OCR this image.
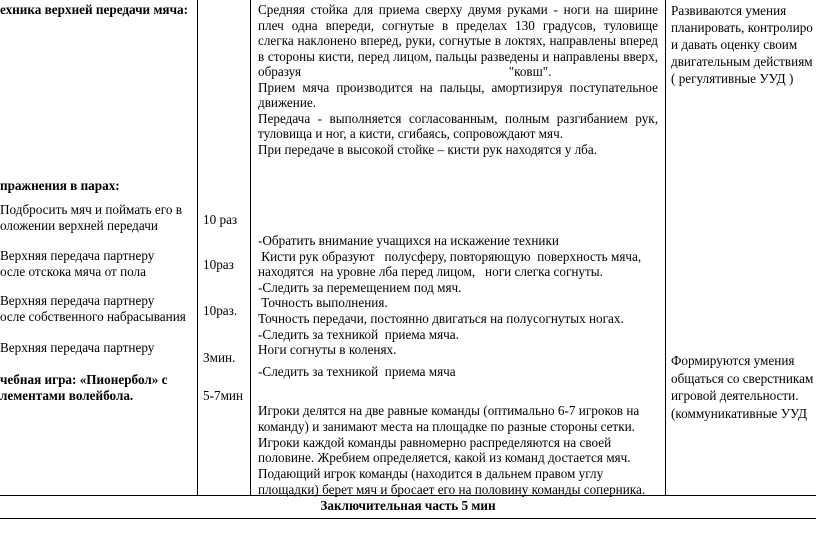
ехника верхней передачи мяча:
пражнения в парах:
Подбросить мяч и поймать его в
оложении верхней передачи
Верхняя передача партнеру
осле отскока мяча от пола
Верхняя передача партнеру
осле собственного набрасывания
Верхняя передача партнеру
чебная игра: «Пионербол» с
лементами волейбола.
10 раз
10раз
10раз.
3мин.
5-7мин
Средняя стойка для приема сверху двумя руками - ноги на ширине
плеч одна впереди, согнутые в пределах 130 градусов, туловище
слегка наклонено вперед, руки, согнутые в локтях, направлены вперед
в стороны кисти, перед лицом, пальцы разведены и направлены вверх,
образуя                                                               "ковш".
Прием мяча производится на пальцы, амортизируя поступательное
движение.
Передача - выполняется согласованным, полным разгибанием рук,
туловища и ног, а кисти, сгибаясь, сопровождают мяч.
При передаче в высокой стойке – кисти рук находятся у лба.
-Обратить внимание учащихся на искажение техники
Кисти рук образуют   полусферу, повторяющую  поверхность мяча,
находятся  на уровне лба перед лицом,   ноги слегка согнуты.
-Следить за перемещением под мяч.
Точность выполнения.
Точность передачи, постоянно двигаться на полусогнутых ногах.
-Следить за техникой  приема мяча.
Ноги согнуты в коленях.
-Следить за техникой  приема мяча
Игроки делятся на две равные команды (оптимально 6-7 игроков на
команду) и занимают места на площадке по разные стороны сетки.
Игроки каждой команды равномерно распределяются на своей
половине. Жребием определяется, какой из команд достается мяч.
Подающий игрок команды (находится в дальнем правом углу
площадки) берет мяч и бросает его на половину команды соперника.
Развиваются умения
планировать, контролиро
и давать оценку своим
двигательным действиям
( регулятивные УУД )
Формируются умения
общаться со сверстникам
игровой деятельности.
(коммуникативные УУД
Заключительная часть 5 мин
